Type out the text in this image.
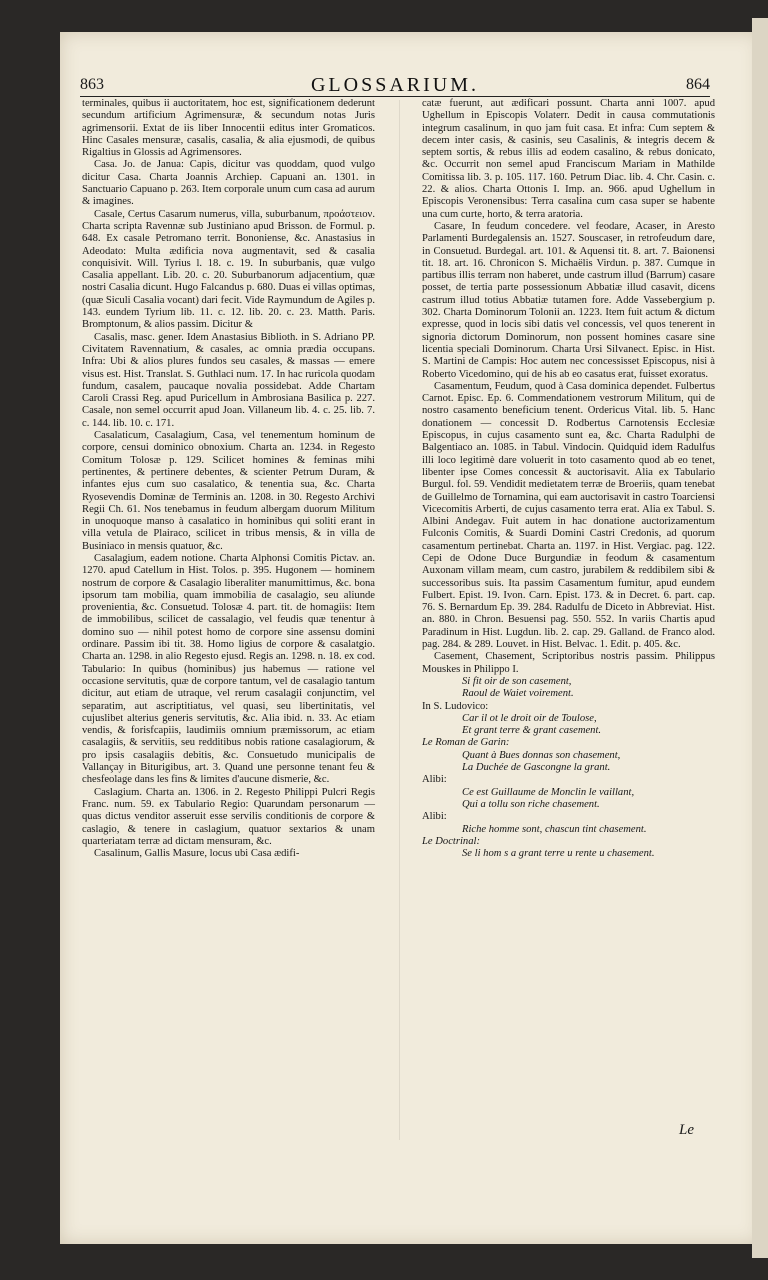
863	GLOSSARIUM.	864

terminales, quibus ii auctoritatem, hoc est, significationem dederunt secundum artificium Agrimensuræ, & secundum notas Juris agrimensorii. Extat de iis liber Innocentii editus inter Gromaticos. Hinc Casales mensuræ, casalis, casalia, & alia ejusmodi, de quibus Rigaltius in Glossis ad Agrimensores.

Casa. Jo. de Janua: Capis, dicitur vas quoddam, quod vulgo dicitur Casa. Charta Joannis Archiep. Capuani an. 1301. in Sanctuario Capuano p. 263. Item corporale unum cum casa ad aurum & imagines.

Casale, Certus Casarum numerus, villa, suburbanum, προάστειον. Charta scripta Ravennæ sub Justiniano apud Brisson. de Formul. p. 648. Ex casale Petromano territ. Bononiense, &c. Anastasius in Adeodato: Multa ædificia nova augmentavit, sed & casalia conquisivit. Will. Tyrius l. 18. c. 19. In suburbanis, quæ vulgo Casalia appellant. Lib. 20. c. 20. Suburbanorum adjacentium, quæ nostri Casalia dicunt. Hugo Falcandus p. 680. Duas ei villas optimas, (quæ Siculi Casalia vocant) dari fecit. Vide Raymundum de Agiles p. 143. eundem Tyrium lib. 11. c. 12. lib. 20. c. 23. Matth. Paris. Bromptonum, & alios passim. Dicitur &

Casalis, masc. gener. Idem Anastasius Biblioth. in S. Adriano PP. Civitatem Ravennatium, & casales, ac omnia prædia occupans. Infra: Ubi & alios plures fundos seu casales, & massas — emere visus est. Hist. Translat. S. Guthlaci num. 17. In hac ruricola quodam fundum, casalem, paucaque novalia possidebat. Adde Chartam Caroli Crassi Reg. apud Puricellum in Ambrosiana Basilica p. 227. Casale, non semel occurrit apud Joan. Villaneum lib. 4. c. 25. lib. 7. c. 144. lib. 10. c. 171.

Casalaticum, Casalagium, Casa, vel tenementum hominum de corpore, censui dominico obnoxium. Charta an. 1234. in Regesto Comitum Tolosæ p. 129. Scilicet homines & feminas mihi pertinentes, & pertinere debentes, & scienter Petrum Duram, & infantes ejus cum suo casalatico, & tenentia sua, &c. Charta Ryosevendis Dominæ de Terminis an. 1208. in 30. Regesto Archivi Regii Ch. 61. Nos tenebamus in feudum albergam duorum Militum in unoquoque manso à casalatico in hominibus qui soliti erant in villa vetula de Plairaco, scilicet in tribus mensis, & in villa de Businiaco in mensis quatuor, &c.

Casalagium, eadem notione. Charta Alphonsi Comitis Pictav. an. 1270. apud Catellum in Hist. Tolos. p. 395. Hugonem — hominem nostrum de corpore & Casalagio liberaliter manumittimus, &c. bona ipsorum tam mobilia, quam immobilia de casalagio, seu aliunde provenientia, &c. Consuetud. Tolosæ 4. part. tit. de homagiis: Item de immobilibus, scilicet de cassalagio, vel feudis quæ tenentur à domino suo — nihil potest homo de corpore sine assensu domini ordinare. Passim ibi tit. 38. Homo ligius de corpore & casalatgio. Charta an. 1298. in alio Regesto ejusd. Regis an. 1298. n. 18. ex cod. Tabulario: In quibus (hominibus) jus habemus — ratione vel occasione servitutis, quæ de corpore tantum, vel de casalagio tantum dicitur, aut etiam de utraque, vel rerum casalagii conjunctim, vel separatim, aut ascriptitiatus, vel quasi, seu libertinitatis, vel cujuslibet alterius generis servitutis, &c. Alia ibid. n. 33. Ac etiam vendis, & forisfcapiis, laudimiis omnium præmissorum, ac etiam casalagiis, & servitiis, seu redditibus nobis ratione casalagiorum, & pro ipsis casalagiis debitis, &c. Consuetudo municipalis de Vallançay in Biturigibus, art. 3. Quand une personne tenant feu & chesfeolage dans les fins & limites d'aucune dismerie, &c.

Caslagium. Charta an. 1306. in 2. Regesto Philippi Pulcri Regis Franc. num. 59. ex Tabulario Regio: Quarundam personarum — quas dictus venditor asseruit esse servilis conditionis de corpore & caslagio, & tenere in caslagium, quatuor sextarios & unam quarteriatam terræ ad dictam mensuram, &c.

Casalinum, Gallis Masure, locus ubi Casa ædifi-

catæ fuerunt, aut ædificari possunt. Charta anni 1007. apud Ughellum in Episcopis Volaterr. Dedit in causa commutationis integrum casalinum, in quo jam fuit casa. Et infra: Cum septem & decem inter casis, & casinis, seu Casalinis, & integris decem & septem sortis, & rebus illis ad eodem casalino, & rebus donicato, &c. Occurrit non semel apud Franciscum Mariam in Mathilde Comitissa lib. 3. p. 105. 117. 160. Petrum Diac. lib. 4. Chr. Casin. c. 22. & alios. Charta Ottonis I. Imp. an. 966. apud Ughellum in Episcopis Veronensibus: Terra casalina cum casa super se habente una cum curte, horto, & terra aratoria.

Casare, In feudum concedere. vel feodare, Acaser, in Aresto Parlamenti Burdegalensis an. 1527. Souscaser, in retrofeudum dare, in Consuetud. Burdegal. art. 101. & Aquensi tit. 8. art. 7. Baionensi tit. 18. art. 16. Chronicon S. Michaëlis Virdun. p. 387. Cumque in partibus illis terram non haberet, unde castrum illud (Barrum) casare posset, de tertia parte possessionum Abbatiæ illud casavit, dicens castrum illud totius Abbatiæ tutamen fore. Adde Vassebergium p. 302. Charta Dominorum Tolonii an. 1223. Item fuit actum & dictum expresse, quod in locis sibi datis vel concessis, vel quos tenerent in signoria dictorum Dominorum, non possent homines casare sine licentia speciali Dominorum. Charta Ursi Silvanect. Episc. in Hist. S. Martini de Campis: Hoc autem nec concessisset Episcopus, nisi à Roberto Vicedomino, qui de his ab eo casatus erat, fuisset exoratus.

Casamentum, Feudum, quod à Casa dominica dependet. Fulbertus Carnot. Episc. Ep. 6. Commendationem vestrorum Militum, qui de nostro casamento beneficium tenent. Ordericus Vital. lib. 5. Hanc donationem — concessit D. Rodbertus Carnotensis Ecclesiæ Episcopus, in cujus casamento sunt ea, &c. Charta Radulphi de Balgentiaco an. 1085. in Tabul. Vindocin. Quidquid idem Radulfus illi loco legitimè dare voluerit in toto casamento quod ab eo tenet, libenter ipse Comes concessit & auctorisavit. Alia ex Tabulario Burgul. fol. 59. Vendidit medietatem terræ de Broeriis, quam tenebat de Guillelmo de Tornamina, qui eam auctorisavit in castro Toarciensi Vicecomitis Arberti, de cujus casamento terra erat. Alia ex Tabul. S. Albini Andegav. Fuit autem in hac donatione auctorizamentum Fulconis Comitis, & Suardi Domini Castri Credonis, ad quorum casamentum pertinebat. Charta an. 1197. in Hist. Vergiac. pag. 122. Cepi de Odone Duce Burgundiæ in feodum & casamentum Auxonam villam meam, cum castro, jurabilem & reddibilem sibi & successoribus suis. Ita passim Casamentum fumitur, apud eundem Fulbert. Epist. 19. Ivon. Carn. Epist. 173. & in Decret. 6. part. cap. 76. S. Bernardum Ep. 39. 284. Radulfu de Diceto in Abbreviat. Hist. an. 880. in Chron. Besuensi pag. 550. 552. In variis Chartis apud Paradinum in Hist. Lugdun. lib. 2. cap. 29. Galland. de Franco alod. pag. 284. & 289. Louvet. in Hist. Belvac. 1. Edit. p. 405. &c.

Casement, Chasement, Scriptoribus nostris passim. Philippus Mouskes in Philippo I.

Si fit oir de son casement,

Raoul de Waiet voirement.

In S. Ludovico:

Car il ot le droit oir de Toulose,

Et grant terre & grant casement.

Le Roman de Garin:

Quant à Bues donnas son chasement,

La Duchée de Gascongne la grant.

Alibi:

Ce est Guillaume de Monclin le vaillant,

Qui a tollu son riche chasement.

Alibi:

Riche homme sont, chascun tint chasement.

Le Doctrinal:

Se li hom s a grant terre u rente u chasement.

Le
